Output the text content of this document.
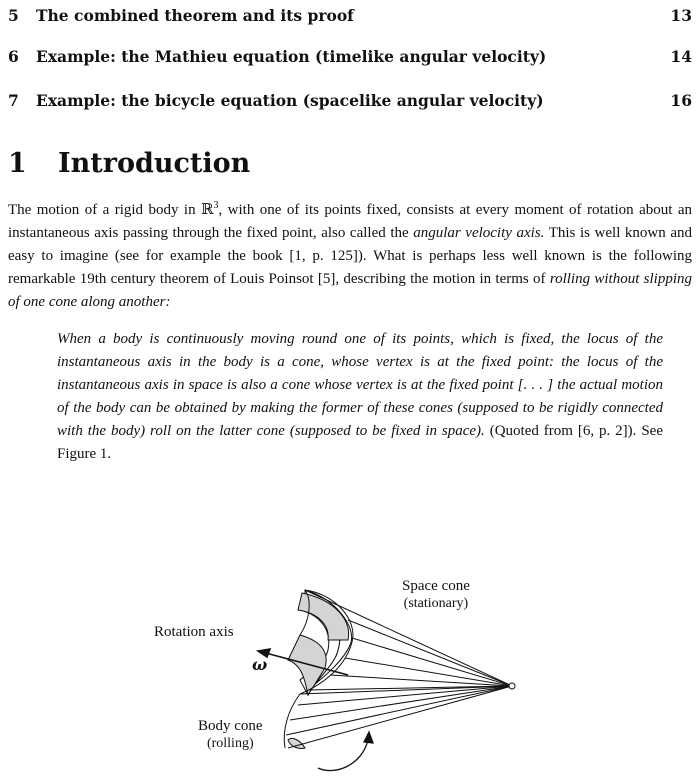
5 The combined theorem and its proof	13
6 Example: the Mathieu equation (timelike angular velocity)	14
7 Example: the bicycle equation (spacelike angular velocity)	16
1 Introduction
The motion of a rigid body in ℝ$^3$, with one of its points fixed, consists at every moment of rotation about an instantaneous axis passing through the fixed point, also called the angular velocity axis. This is well known and easy to imagine (see for example the book [1, p. 125]). What is perhaps less well known is the following remarkable 19th century theorem of Louis Poinsot [5], describing the motion in terms of rolling without slipping of one cone along another:
When a body is continuously moving round one of its points, which is fixed, the locus of the instantaneous axis in the body is a cone, whose vertex is at the fixed point: the locus of the instantaneous axis in space is also a cone whose vertex is at the fixed point [. . . ] the actual motion of the body can be obtained by making the former of these cones (supposed to be rigidly connected with the body) roll on the latter cone (supposed to be fixed in space). (Quoted from [6, p. 2]). See Figure 1.
Space cone
(stationary)
Rotation axis
ω
Body cone
(rolling)
